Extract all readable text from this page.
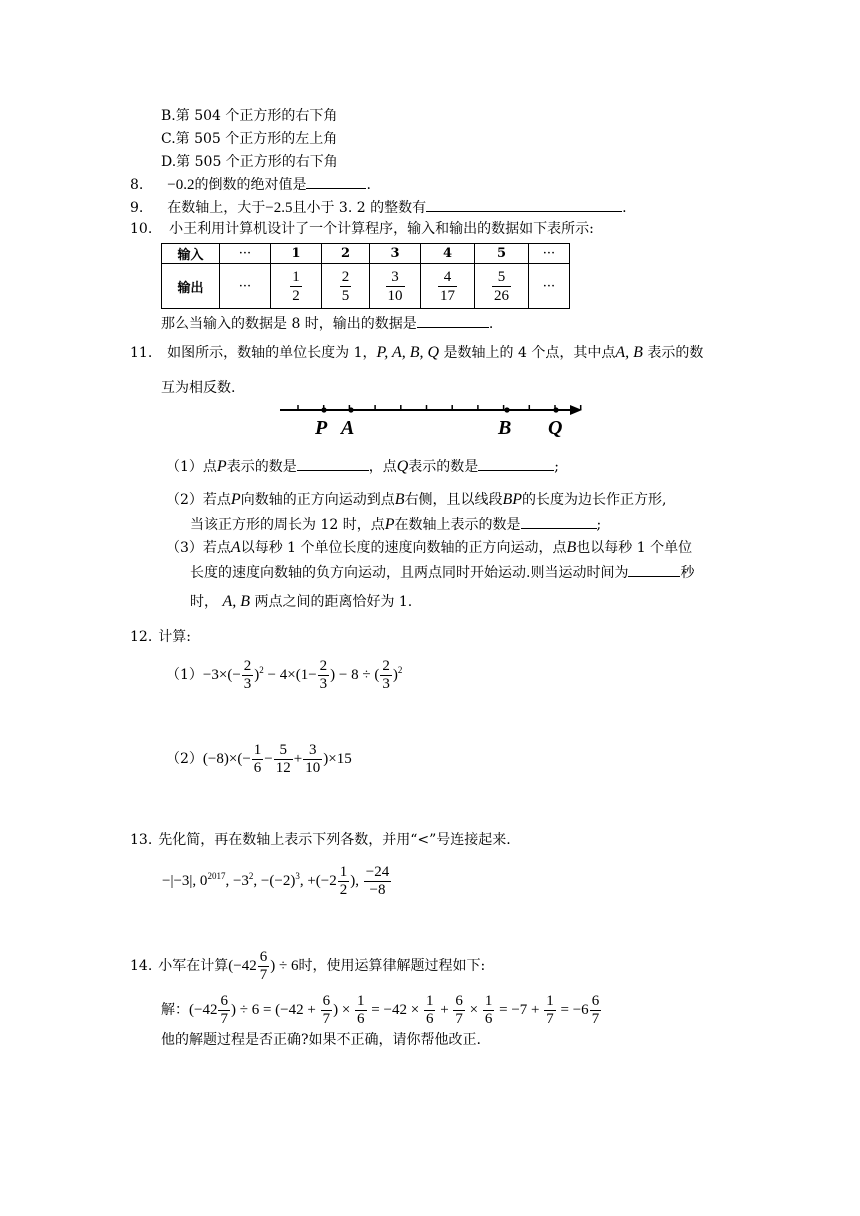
B.第 504 个正方形的右下角
C.第 505 个正方形的左上角
D.第 505 个正方形的右下角
8. −0.2的倒数的绝对值是	.
9. 在数轴上，大于−2.5且小于 3. 2 的整数有	.
10. 小王利用计算机设计了一个计算程序，输入和输出的数据如下表所示:
输入	···	1	2	3	4	5	···
输出	···	$\frac{1}{2}$	$\frac{2}{5}$	$\frac{3}{10}$	$\frac{4}{17}$	$\frac{5}{26}$	···
那么当输入的数据是 8 时，输出的数据是	.
11. 如图所示，数轴的单位长度为 1，P, A, B, Q 是数轴上的 4 个点，其中点A, B 表示的数
互为相反数.
P A	B Q
（1）点P表示的数是	，点Q表示的数是	;
（2）若点P向数轴的正方向运动到点B右侧，且以线段BP的长度为边长作正方形,
当该正方形的周长为 12 时，点P在数轴上表示的数是	;
（3）若点A以每秒 1 个单位长度的速度向数轴的正方向运动，点B也以每秒 1 个单位
长度的速度向数轴的负方向运动，且两点同时开始运动.则当运动时间为	秒
时， A, B 两点之间的距离恰好为 1.
12. 计算:
$(1)-3\times(- \frac{2}{3} )^2 - 4\times(1- \frac{2}{3}$ ) − 8 ÷ ( $\frac{2}{3} )^2$
$(2)(-8)\times(- \frac{1}{6} - \frac{5}{12} + \frac{3}{10} )\times 15$
13. 先化简，再在数轴上表示下列各数，并用“<”号连接起来.
−|−3|, $0^{2017}$, $-3^2$, $-(-2)^3$, $+(-2 \frac{1}{2}$ ), $\frac{-24}{-8}$
14. 小军在计算($-42 \frac{6}{7}$ ) ÷ 6时，使用运算律解题过程如下:
解：($-42 \frac{6}{7}$ ) ÷ $6 = (-42 + \frac{6}{7}$ ) × $\frac{1}{6} = -42 \times \frac{1}{6} + \frac{6}{7} \times \frac{1}{6} = -7 + \frac{1}{7} = -6 \frac{6}{7}$
他的解题过程是否正确?如果不正确，请你帮他改正.
